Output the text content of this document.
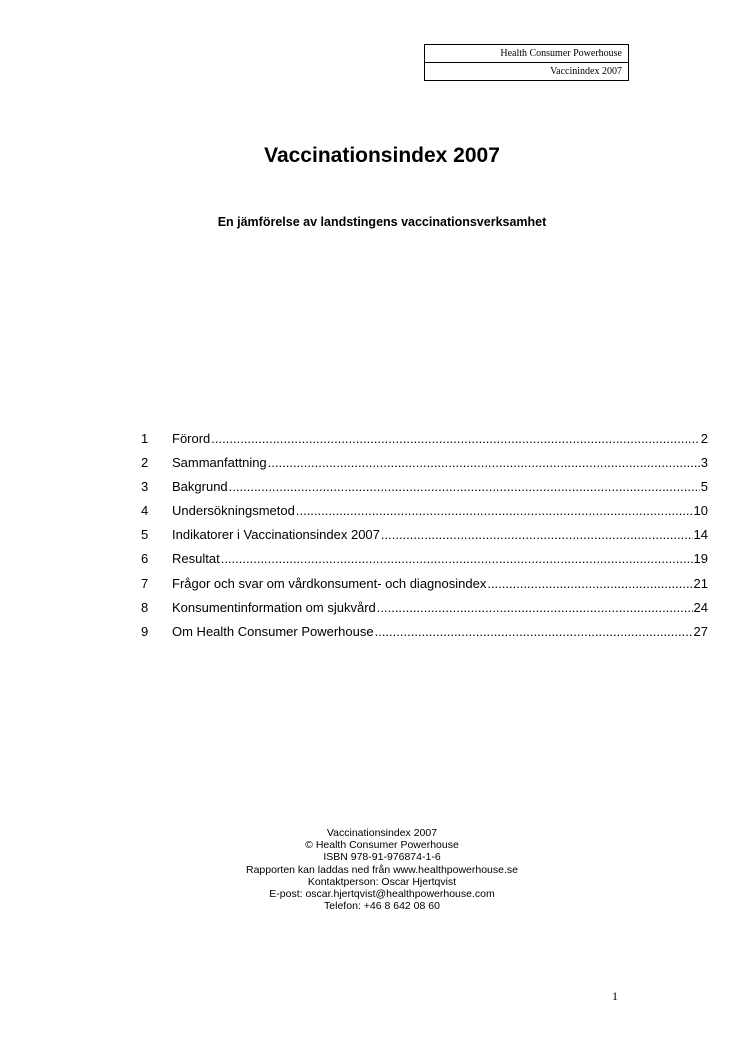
Health Consumer Powerhouse
Vaccinindex 2007
Vaccinationsindex 2007
En jämförelse av landstingens vaccinationsverksamhet
1	Förord .....	2
2	Sammanfattning .....	3
3	Bakgrund .....	5
4	Undersökningsmetod .....	10
5	Indikatorer i Vaccinationsindex 2007 .....	14
6	Resultat .....	19
7	Frågor och svar om vårdkonsument- och diagnosindex .....	21
8	Konsumentinformation om sjukvård .....	24
9	Om Health Consumer Powerhouse .....	27
Vaccinationsindex 2007
© Health Consumer Powerhouse
ISBN 978-91-976874-1-6
Rapporten kan laddas ned från www.healthpowerhouse.se
Kontaktperson: Oscar Hjertqvist
E-post: oscar.hjertqvist@healthpowerhouse.com
Telefon: +46 8 642 08 60
1
